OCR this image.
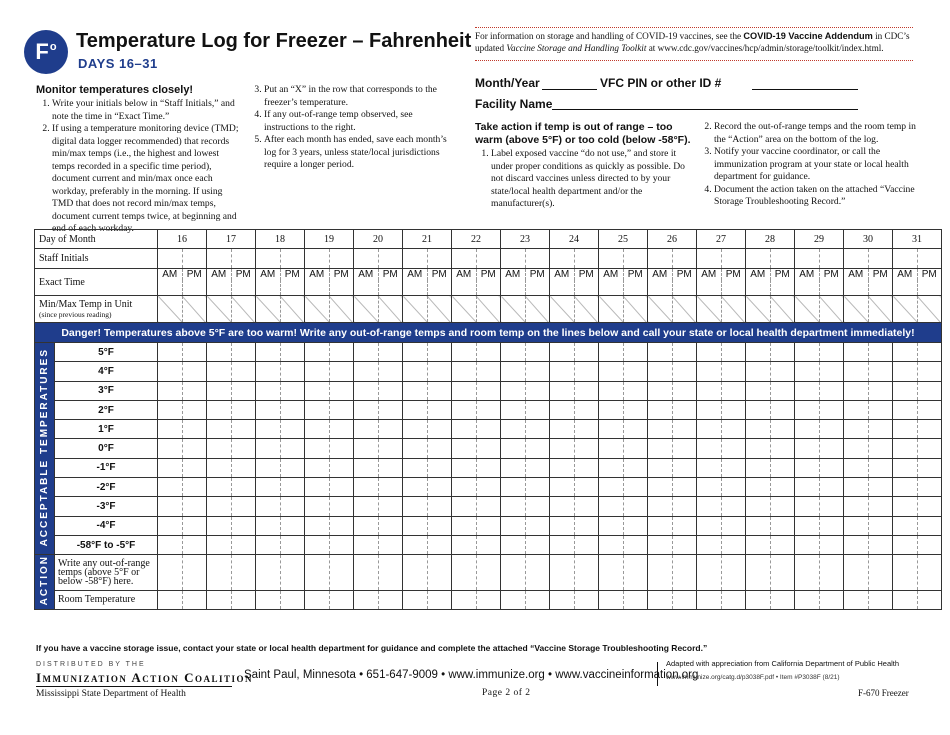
$F^o$ Temperature Log for Freezer – Fahrenheit
DAYS 16–31
For information on storage and handling of COVID-19 vaccines, see the COVID-19 Vaccine Addendum in CDC’s updated Vaccine Storage and Handling Toolkit at www.cdc.gov/vaccines/hcp/admin/storage/toolkit/index.html.
Month/Year	VFC PIN or other ID #
Facility Name
Monitor temperatures closely!
1. Write your initials below in “Staff Initials,” and note the time in “Exact Time.”
2. If using a temperature monitoring device (TMD; digital data logger recommended) that records min/max temps (i.e., the highest and lowest temps recorded in a specific time period), document current and min/max once each workday, preferably in the morning. If using TMD that does not record min/max temps, document current temps twice, at beginning and end of each workday.
3. Put an “X” in the row that corresponds to the freezer’s temperature.
4. If any out-of-range temp observed, see instructions to the right.
5. After each month has ended, save each month’s log for 3 years, unless state/local jurisdictions require a longer period.
Take action if temp is out of range – too warm (above 5°F) or too cold (below -58°F).
1. Label exposed vaccine “do not use,” and store it under proper conditions as quickly as possible. Do not discard vaccines unless directed to by your state/local health department and/or the manufacturer(s).
2. Record the out-of-range temps and the room temp in the “Action” area on the bottom of the log.
3. Notify your vaccine coordinator, or call the immunization program at your state or local health department for guidance.
4. Document the action taken on the attached “Vaccine Storage Troubleshooting Record.”
Day of Month		16		17		18		19		20		21		22		23		24		25		26		27		28		29		30		31	
Staff Initials																																	
Exact Time		AM	PM	AM	PM	AM	PM	AM	PM	AM	PM	AM	PM	AM	PM	AM	PM	AM	PM	AM	PM	AM	PM	AM	PM	AM	PM	AM	PM	AM	PM	AM	PM

Min/Max Temp in Unit
(since previous reading)																																	

Danger! Temperatures above 5°F are too warm! Write any out-of-range temps and room temp on the lines below and call your state or local health department immediately!																																	
ACCEPTABLE TEMPERATURES	5°F																																
	4°F																																
	3°F																																
	2°F																																
	1°F																																
	0°F																																
	-1°F																																
	-2°F																																
	-3°F																																
	-4°F																																
	-58°F to -5°F																																
ACTION	Write any out-of-range temps (above 5°F or below -58°F) here.																																
	Room Temperature																																
If you have a vaccine storage issue, contact your state or local health department for guidance and complete the attached “Vaccine Storage Troubleshooting Record.”
DISTRIBUTED BY THE
Immunization Action Coalition
Saint Paul, Minnesota • 651-647-9009 • www.immunize.org • www.vaccineinformation.org
Adapted with appreciation from California Department of Public Health
www.immunize.org/catg.d/p3038F.pdf • Item #P3038F (8/21)
Mississippi State Department of Health	Page 2 of 2	F-670 Freezer
